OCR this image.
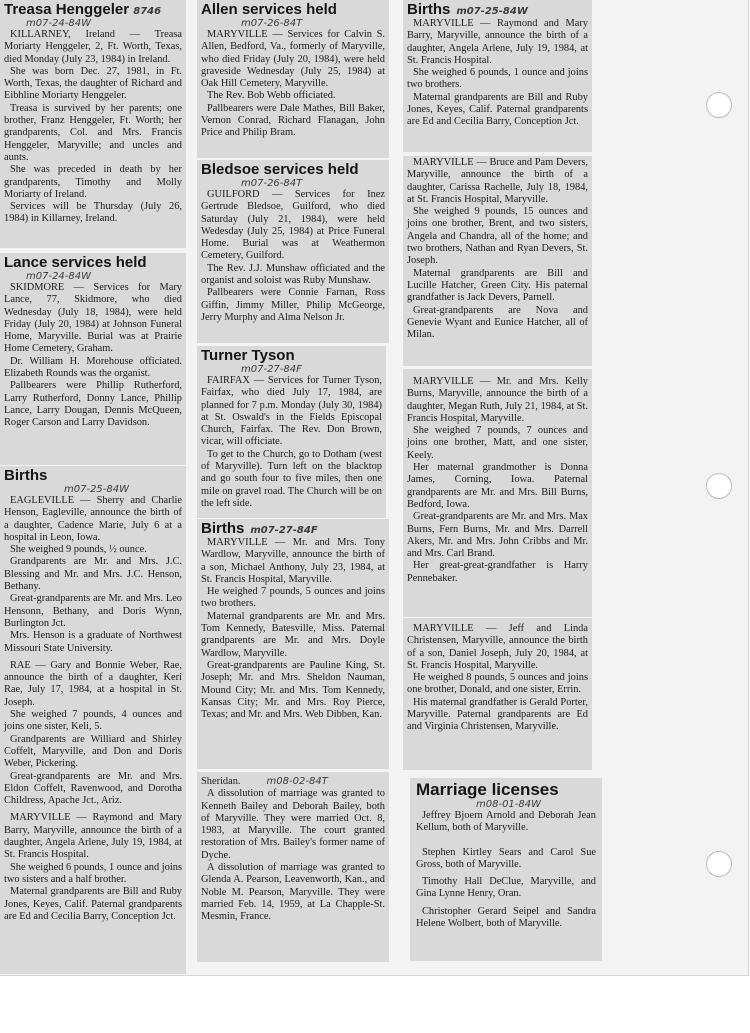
Treasa Henggeler 8746
m07-24-84W

KILLARNEY, Ireland — Treasa Moriarty Henggeler, 2, Ft. Worth, Texas, died Monday (July 23, 1984) in Ireland.

She was born Dec. 27, 1981, in Ft. Worth, Texas, the daughter of Richard and Eibhline Moriarty Henggeler.

Treasa is survived by her parents; one brother, Franz Henggeler, Ft. Worth; her grandparents, Col. and Mrs. Francis Henggeler, Maryville; and uncles and aunts.

She was preceded in death by her grandparents, Timothy and Molly Moriarty of Ireland.

Services will be Thursday (July 26, 1984) in Killarney, Ireland.

Lance services held
m07-24-84W

SKIDMORE — Services for Mary Lance, 77, Skidmore, who died Wednesday (July 18, 1984), were held Friday (July 20, 1984) at Johnson Funeral Home, Maryville. Burial was at Prairie Home Cemetery, Graham.

Dr. William H. Morehouse officiated. Elizabeth Rounds was the organist.

Pallbearers were Phillip Rutherford, Larry Rutherford, Donny Lance, Phillip Lance, Larry Dougan, Dennis McQueen, Roger Carson and Larry Davidson.

Births
m07-25-84W

EAGLEVILLE — Sherry and Charlie Henson, Eagleville, announce the birth of a daughter, Cadence Marie, July 6 at a hospital in Leon, Iowa.

She weighed 9 pounds, ½ ounce.

Grandparents are Mr. and Mrs. J.C. Blessing and Mr. and Mrs. J.C. Henson, Bethany.

Great-grandparents are Mr. and Mrs. Leo Hensonn, Bethany, and Doris Wynn, Burlington Jct.

Mrs. Henson is a graduate of Northwest Missouri State University.

RAE — Gary and Bonnie Weber, Rae, announce the birth of a daughter, Keri Rae, July 17, 1984, at a hospital in St. Joseph.

She weighed 7 pounds, 4 ounces and joins one sister, Keli, 5.

Grandparents are Williard and Shirley Coffelt, Maryville, and Don and Doris Weber, Pickering.

Great-grandparents are Mr. and Mrs. Eldon Coffelt, Ravenwood, and Dorotha Childress, Apache Jct., Ariz.

MARYVILLE — Raymond and Mary Barry, Maryville, announce the birth of a daughter, Angela Arlene, July 19, 1984, at St. Francis Hospital.

She weighed 6 pounds, 1 ounce and joins two sisters and a half brother.

Maternal grandparents are Bill and Ruby Jones, Keyes, Calif. Paternal grandparents are Ed and Cecilia Barry, Conception Jct.

Allen services held
m07-26-84T

MARYVILLE — Services for Calvin S. Allen, Bedford, Va., formerly of Maryville, who died Friday (July 20, 1984), were held graveside Wednesday (July 25, 1984) at Oak Hill Cemetery, Maryville.

The Rev. Bob Webb officiated.

Pallbearers were Dale Mathes, Bill Baker, Vernon Conrad, Richard Flanagan, John Price and Philip Bram.

Bledsoe services held
m07-26-84T

GUILFORD — Services for Inez Gertrude Bledsoe, Guilford, who died Saturday (July 21, 1984), were held Wedesday (July 25, 1984) at Price Funeral Home. Burial was at Weathermon Cemetery, Guilford.

The Rev. J.J. Munshaw officiated and the organist and soloist was Ruby Munshaw.

Pallbearers were Connie Farnan, Ross Giffin, Jimmy Miller, Philip McGeorge, Jerry Murphy and Alma Nelson Jr.

Turner Tyson
m07-27-84F

FAIRFAX — Services for Turner Tyson, Fairfax, who died July 17, 1984, are planned for 7 p.m. Monday (July 30, 1984) at St. Oswald's in the Fields Episcopal Church, Fairfax. The Rev. Don Brown, vicar, will officiate.

To get to the Church, go to Dotham (west of Maryville). Turn left on the blacktop and go south four to five miles, then one mile on gravel road. The Church will be on the left side.

Births m07-27-84F

MARYVILLE — Mr. and Mrs. Tony Wardlow, Maryville, announce the birth of a son, Michael Anthony, July 23, 1984, at St. Francis Hospital, Maryville.

He weighed 7 pounds, 5 ounces and joins two brothers.

Maternal grandparents are Mr. and Mrs. Tom Kennedy, Batesville, Miss. Paternal grandparents are Mr. and Mrs. Doyle Wardlow, Maryville.

Great-grandparents are Pauline King, St. Joseph; Mr. and Mrs. Sheldon Nauman, Mound City; Mr. and Mrs. Tom Kennedy, Kansas City; Mr. and Mrs. Roy Pierce, Texas; and Mr. and Mrs. Web Dibben, Kan.

Sheridan.	m08-02-84T

A dissolution of marriage was granted to Kenneth Bailey and Deborah Bailey, both of Maryville. They were married Oct. 8, 1983, at Maryville. The court granted restoration of Mrs. Bailey's former name of Dyche.

A dissolution of marriage was granted to Glenda A. Pearson, Leavenworth, Kan., and Noble M. Pearson, Maryville. They were married Feb. 14, 1959, at La Chapple-St. Mesmin, France.

Births m07-25-84W

MARYVILLE — Raymond and Mary Barry, Maryville, announce the birth of a daughter, Angela Arlene, July 19, 1984, at St. Francis Hospital.

She weighed 6 pounds, 1 ounce and joins two brothers.

Maternal grandparents are Bill and Ruby Jones, Keyes, Calif. Paternal grandparents are Ed and Cecilia Barry, Conception Jct.

MARYVILLE — Bruce and Pam Devers, Maryville, announce the birth of a daughter, Carissa Rachelle, July 18, 1984, at St. Francis Hospital, Maryville.

She weighed 9 pounds, 15 ounces and joins one brother, Brent, and two sisters, Angela and Chandra, all of the home; and two brothers, Nathan and Ryan Devers, St. Joseph.

Maternal grandparents are Bill and Lucille Hatcher, Green City. His paternal grandfather is Jack Devers, Parnell.

Great-grandparents are Nova and Genevie Wyant and Eunice Hatcher, all of Milan.

MARYVILLE — Mr. and Mrs. Kelly Burns, Maryville, announce the birth of a daughter, Megan Ruth, July 21, 1984, at St. Francis Hospital, Maryville.

She weighed 7 pounds, 7 ounces and joins one brother, Matt, and one sister, Keely.

Her maternal grandmother is Donna James, Corning, Iowa. Paternal grandparents are Mr. and Mrs. Bill Burns, Bedford, Iowa.

Great-grandparents are Mr. and Mrs. Max Burns, Fern Burns, Mr. and Mrs. Darrell Akers, Mr. and Mrs. John Cribbs and Mr. and Mrs. Carl Brand.

Her great-great-grandfather is Harry Pennebaker.

MARYVILLE — Jeff and Linda Christensen, Maryville, announce the birth of a son, Daniel Joseph, July 20, 1984, at St. Francis Hospital, Maryville.

He weighed 8 pounds, 5 ounces and joins one brother, Donald, and one sister, Errin.

His maternal grandfather is Gerald Porter, Maryville. Paternal grandparents are Ed and Virginia Christensen, Maryville.

Marriage licenses
m08-01-84W

Jeffrey Bjoern Arnold and Deborah Jean Kellum, both of Maryville.

Stephen Kirtley Sears and Carol Sue Gross, both of Maryville.

Timothy Hall DeClue, Maryville, and Gina Lynne Henry, Oran.

Christopher Gerard Seipel and Sandra Helene Wolbert, both of Maryville.
